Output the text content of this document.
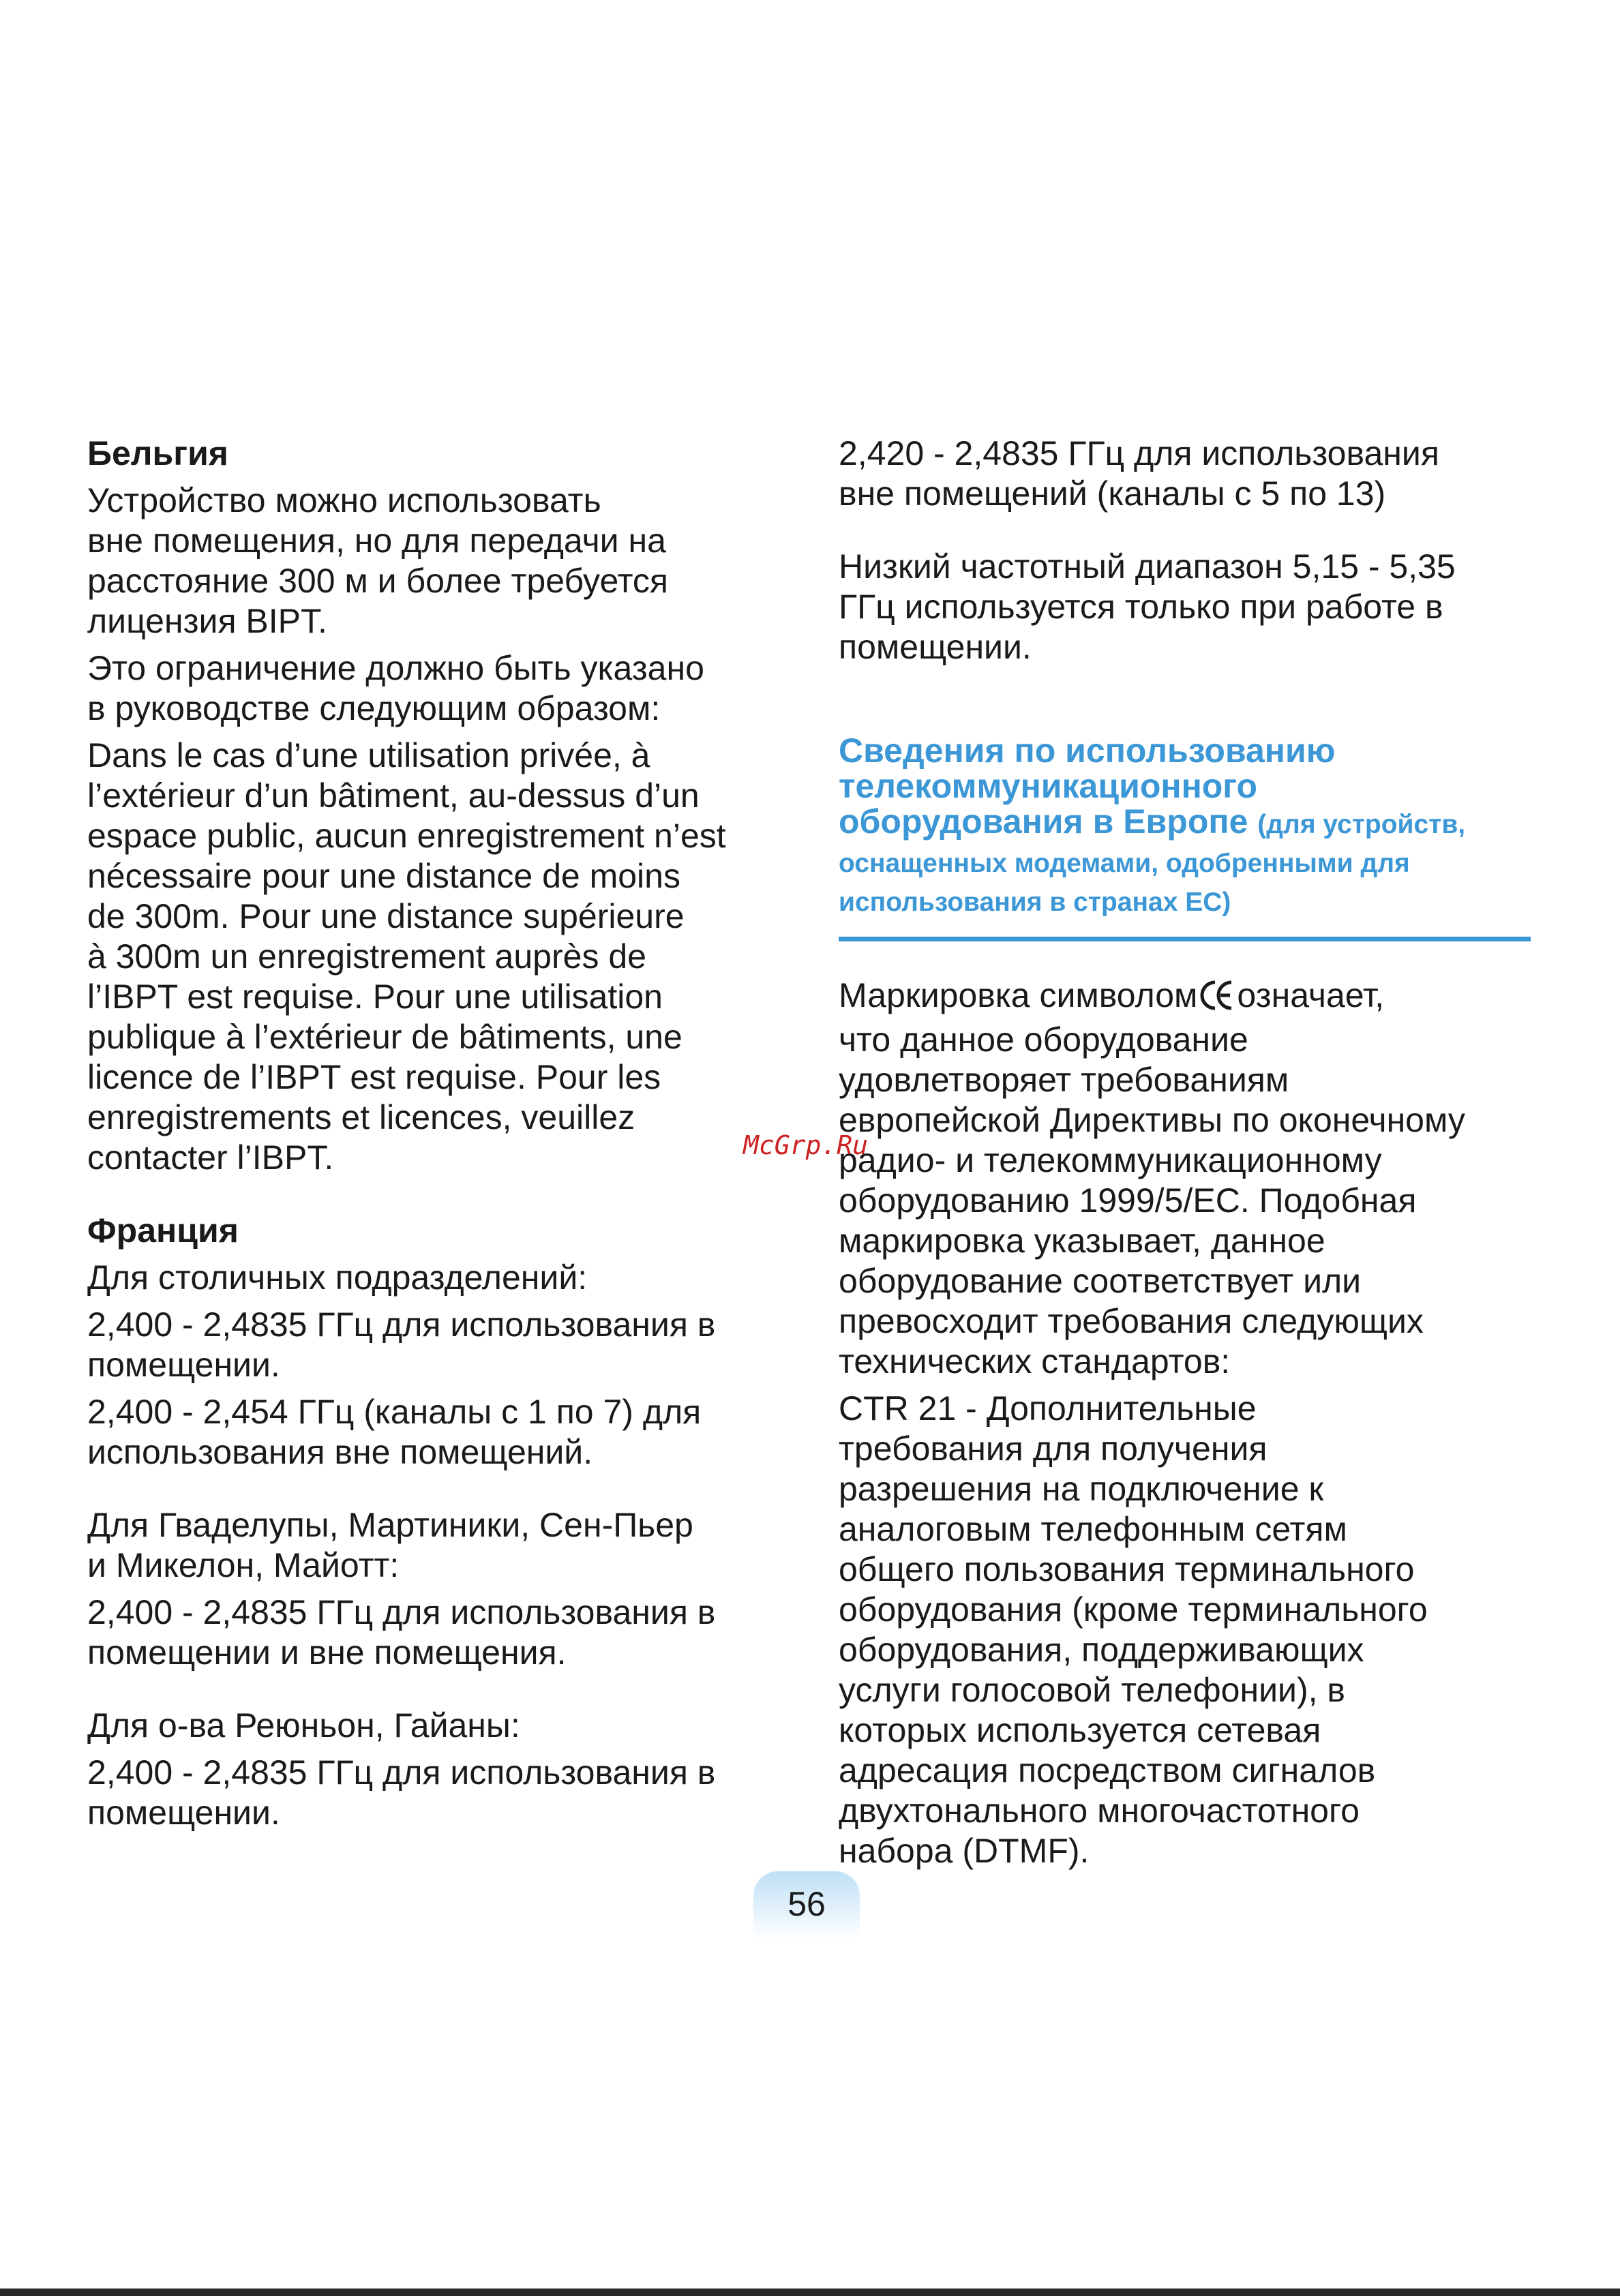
Бельгия

Устройство можно использовать
вне помещения, но для передачи на
расстояние 300 м и более требуется
лицензия BIPT.

Это ограничение должно быть указано
в руководстве следующим образом:

Dans le cas d’une utilisation privée, à
l’extérieur d’un bâtiment, au-dessus d’un
espace public, aucun enregistrement n’est
nécessaire pour une distance de moins
de 300m. Pour une distance supérieure
à 300m un enregistrement auprès de
l’IBPT est requise. Pour une utilisation
publique à l’extérieur de bâtiments, une
licence de l’IBPT est requise. Pour les
enregistrements et licences, veuillez
contacter l’IBPT.

Франция

Для столичных подразделений:

2,400 - 2,4835 ГГц для использования в
помещении.

2,400 - 2,454 ГГц (каналы с 1 по 7) для
использования вне помещений.

Для Гваделупы, Мартиники, Сен-Пьер
и Микелон, Майотт:

2,400 - 2,4835 ГГц для использования в
помещении и вне помещения.

Для о-ва Реюньон, Гайаны:

2,400 - 2,4835 ГГц для использования в
помещении.

2,420 - 2,4835 ГГц для использования
вне помещений (каналы с 5 по 13)

Низкий частотный диапазон 5,15 - 5,35
ГГц используется только при работе в
помещении.

Сведения по использованию
телекоммуникационного
оборудования в Европе (для устройств,
оснащенных модемами, одобренными для
использования в странах ЕС)

Маркировка символом означает,
что данное оборудование
удовлетворяет требованиям
европейской Директивы по оконечному
радио- и телекоммуникационному
оборудованию 1999/5/EC. Подобная
маркировка указывает, данное
оборудование соответствует или
превосходит требования следующих
технических стандартов:

CTR 21 - Дополнительные
требования для получения
разрешения на подключение к
аналоговым телефонным сетям
общего пользования терминального
оборудования (кроме терминального
оборудования, поддерживающих
услуги голосовой телефонии), в
которых используется сетевая
адресация посредством сигналов
двухтонального многочастотного
набора (DTMF).

McGrp.Ru
56
